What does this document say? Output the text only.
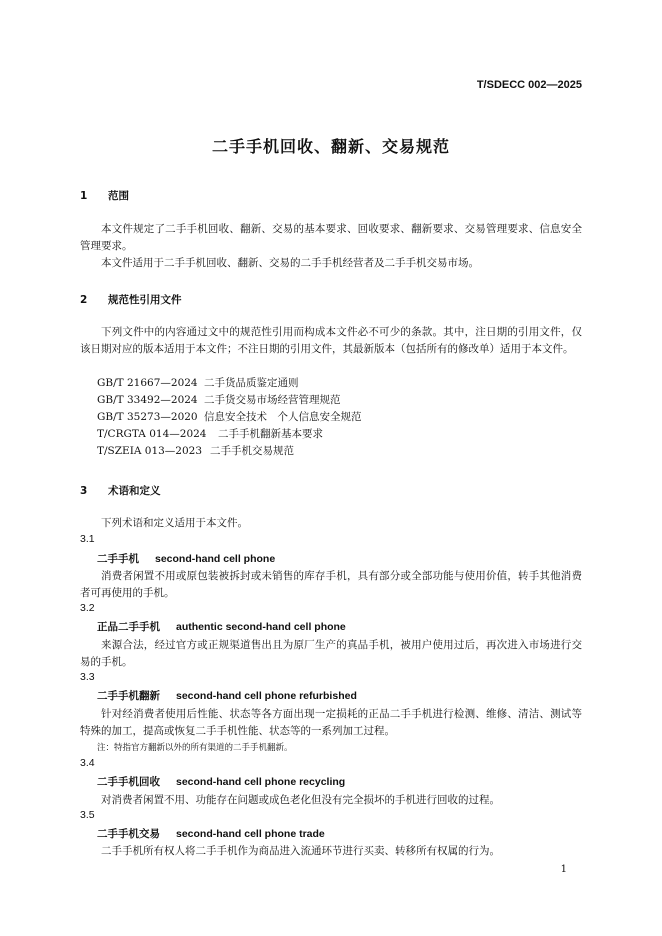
T/SDECC 002—2025
二手手机回收、翻新、交易规范
1 范围
本文件规定了二手手机回收、翻新、交易的基本要求、回收要求、翻新要求、交易管理要求、信息安全管理要求。
本文件适用于二手手机回收、翻新、交易的二手手机经营者及二手手机交易市场。
2 规范性引用文件
下列文件中的内容通过文中的规范性引用而构成本文件必不可少的条款。其中，注日期的引用文件，仅该日期对应的版本适用于本文件；不注日期的引用文件，其最新版本（包括所有的修改单）适用于本文件。
GB/T 21667—2024 二手货品质鉴定通则
GB/T 33492—2024 二手货交易市场经营管理规范
GB/T 35273—2020 信息安全技术　个人信息安全规范
T/CRGTA 014—2024 二手手机翻新基本要求
T/SZEIA 013—2023 二手手机交易规范
3 术语和定义
下列术语和定义适用于本文件。
3.1
二手手机 second-hand cell phone
消费者闲置不用或原包装被拆封或未销售的库存手机，具有部分或全部功能与使用价值，转手其他消费者可再使用的手机。
3.2
正品二手手机 authentic second-hand cell phone
来源合法，经过官方或正规渠道售出且为原厂生产的真品手机，被用户使用过后，再次进入市场进行交易的手机。
3.3
二手手机翻新 second-hand cell phone refurbished
针对经消费者使用后性能、状态等各方面出现一定损耗的正品二手手机进行检测、维修、清洁、测试等特殊的加工，提高或恢复二手手机性能、状态等的一系列加工过程。
注：特指官方翻新以外的所有渠道的二手手机翻新。
3.4
二手手机回收 second-hand cell phone recycling
对消费者闲置不用、功能存在问题或成色老化但没有完全损坏的手机进行回收的过程。
3.5
二手手机交易 second-hand cell phone trade
二手手机所有权人将二手手机作为商品进入流通环节进行买卖、转移所有权属的行为。
1
